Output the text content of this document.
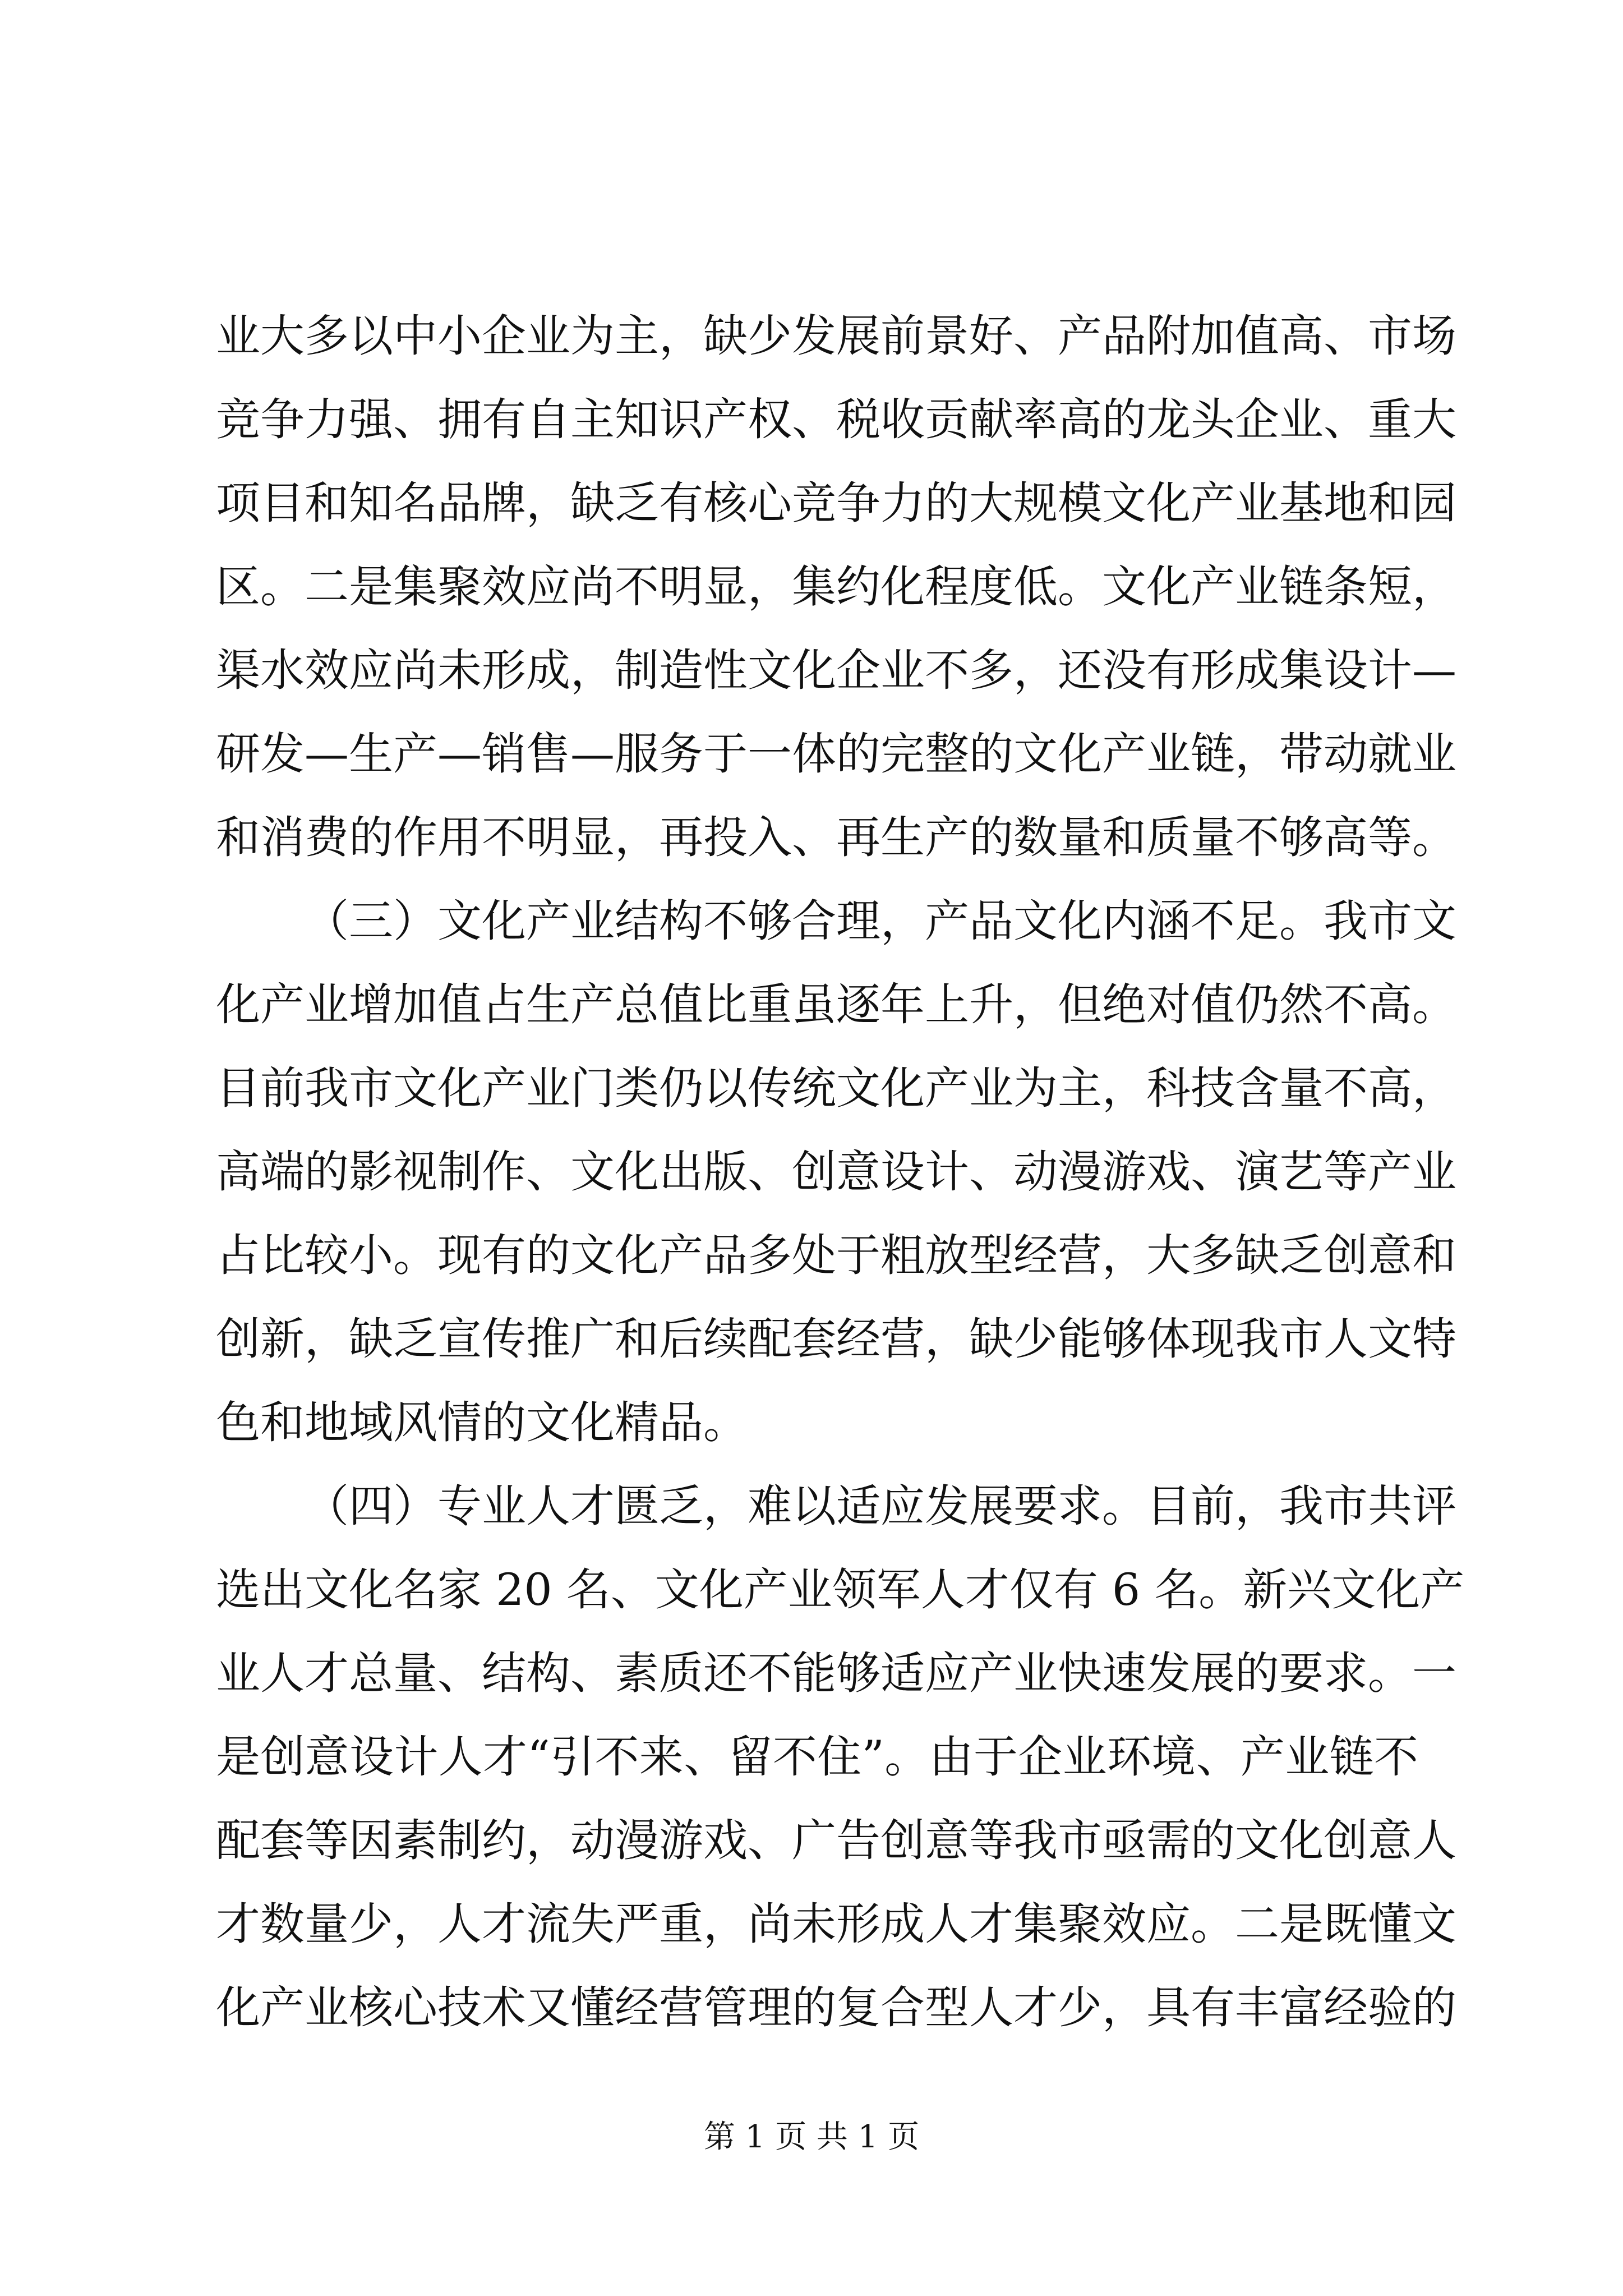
业大多以中小企业为主，缺少发展前景好、产品附加值高、市场
竞争力强、拥有自主知识产权、税收贡献率高的龙头企业、重大
项目和知名品牌，缺乏有核心竞争力的大规模文化产业基地和园
区。二是集聚效应尚不明显，集约化程度低。文化产业链条短，
渠水效应尚未形成，制造性文化企业不多，还没有形成集设计—
研发—生产—销售—服务于一体的完整的文化产业链，带动就业
和消费的作用不明显，再投入、再生产的数量和质量不够高等。
（三）文化产业结构不够合理，产品文化内涵不足。我市文
化产业增加值占生产总值比重虽逐年上升，但绝对值仍然不高。
目前我市文化产业门类仍以传统文化产业为主，科技含量不高，
高端的影视制作、文化出版、创意设计、动漫游戏、演艺等产业
占比较小。现有的文化产品多处于粗放型经营，大多缺乏创意和
创新，缺乏宣传推广和后续配套经营，缺少能够体现我市人文特
色和地域风情的文化精品。
（四）专业人才匮乏，难以适应发展要求。目前，我市共评
选出文化名家 20 名、文化产业领军人才仅有 6 名。新兴文化产
业人才总量、结构、素质还不能够适应产业快速发展的要求。一
是创意设计人才“引不来、留不住”。由于企业环境、产业链不
配套等因素制约，动漫游戏、广告创意等我市亟需的文化创意人
才数量少，人才流失严重，尚未形成人才集聚效应。二是既懂文
化产业核心技术又懂经营管理的复合型人才少，具有丰富经验的
第 1 页 共 1 页
